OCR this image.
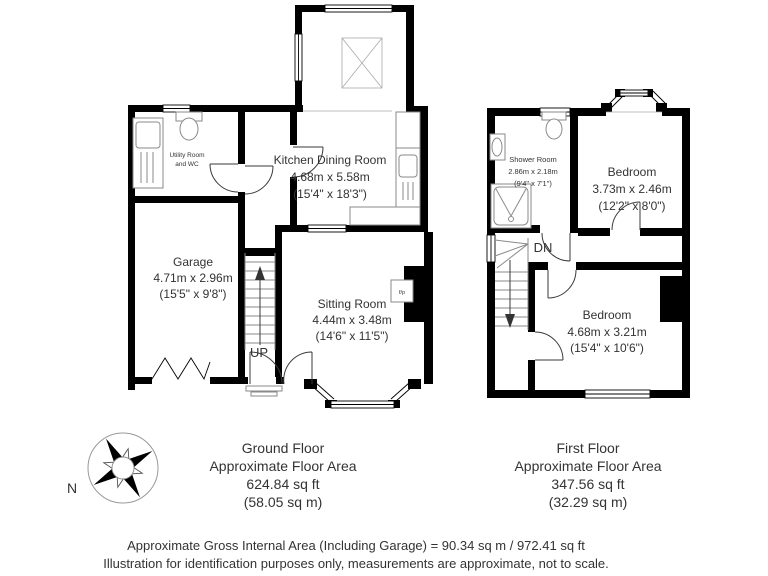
f/p
Kitchen Dining Room
4.68m x 5.58m
(15'4" x 18'3")
Garage
4.71m x 2.96m
(15'5" x 9'8")
Sitting Room
4.44m x 3.48m
(14'6" x 11'5")
Utility Room
and WC
UP
Shower Room
2.86m x 2.18m
(9'4" x 7'1")
Bedroom
3.73m x 2.46m
(12'2" x 8'0")
Bedroom
4.68m x 3.21m
(15'4" x 10'6")
DN
N
Ground Floor
Approximate Floor Area
624.84 sq ft
(58.05 sq m)
First Floor
Approximate Floor Area
347.56 sq ft
(32.29 sq m)
Approximate Gross Internal Area (Including Garage) = 90.34 sq m / 972.41 sq ft
Illustration for identification purposes only, measurements are approximate, not to scale.
